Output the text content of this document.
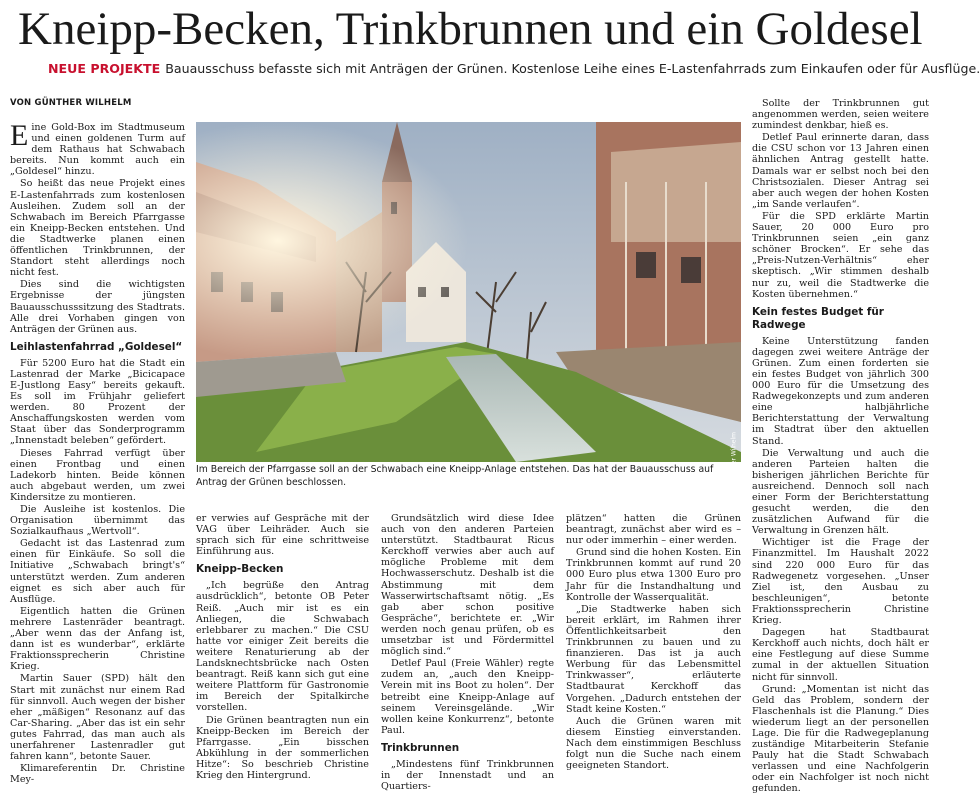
Kneipp-Becken, Trinkbrunnen und ein Goldesel
NEUE PROJEKTE Bauausschuss befasste sich mit Anträgen der Grünen. Kostenlose Leihe eines E-Lastenfahrrads zum Einkaufen oder für Ausflüge.
VON GÜNTHER WILHELM

Eine Gold-Box im Stadtmuseum und einen goldenen Turm auf dem Rathaus hat Schwabach bereits. Nun kommt auch ein „Goldesel“ hinzu.

So heißt das neue Projekt eines E-Lastenfahrrads zum kostenlosen Ausleihen. Zudem soll an der Schwabach im Bereich Pfarrgasse ein Kneipp-Becken entstehen. Und die Stadtwerke planen einen öffentlichen Trinkbrunnen, der Standort steht allerdings noch nicht fest.

Dies sind die wichtigsten Ergebnisse der jüngsten Bauausschusssitzung des Stadtrats. Alle drei Vorhaben gingen von Anträgen der Grünen aus.

Leihlastenfahrrad „Goldesel“

Für 5200 Euro hat die Stadt ein Lastenrad der Marke „Bicicapace E-Justlong Easy“ bereits gekauft. Es soll im Frühjahr geliefert werden. 80 Prozent der Anschaffungskosten werden vom Staat über das Sonderprogramm „Innenstadt beleben“ gefördert.

Dieses Fahrrad verfügt über einen Frontbag und einen Ladekorb hinten. Beide können auch abgebaut werden, um zwei Kindersitze zu montieren.

Die Ausleihe ist kostenlos. Die Organisation übernimmt das Sozialkaufhaus „Wertvoll“.

Gedacht ist das Lastenrad zum einen für Einkäufe. So soll die Initiative „Schwabach bringt's“ unterstützt werden. Zum anderen eignet es sich aber auch für Ausflüge.

Eigentlich hatten die Grünen mehrere Lastenräder beantragt. „Aber wenn das der Anfang ist, dann ist es wunderbar“, erklärte Fraktionssprecherin Christine Krieg.

Martin Sauer (SPD) hält den Start mit zunächst nur einem Rad für sinnvoll. Auch wegen der bisher eher „mäßigen“ Resonanz auf das Car-Sharing. „Aber das ist ein sehr gutes Fahrrad, das man auch als unerfahrener Lastenradler gut fahren kann“, betonte Sauer.

Klimareferentin Dr. Christine Mey-

Foto: Günther Wilhelm
Im Bereich der Pfarrgasse soll an der Schwabach eine Kneipp-Anlage entstehen. Das hat der Bauausschuss auf Antrag der Grünen beschlossen.

er verwies auf Gespräche mit der VAG über Leihräder. Auch sie sprach sich für eine schrittweise Einführung aus.

Kneipp-Becken

„Ich begrüße den Antrag ausdrücklich“, betonte OB Peter Reiß. „Auch mir ist es ein Anliegen, die Schwabach erlebbarer zu machen.“ Die CSU hatte vor einiger Zeit bereits die weitere Renaturierung ab der Landsknechtsbrücke nach Osten beantragt. Reiß kann sich gut eine weitere Plattform für Gastronomie im Bereich der Spitalkirche vorstellen.

Die Grünen beantragten nun ein Kneipp-Becken im Bereich der Pfarrgasse. „Ein bisschen Abkühlung in der sommerlichen Hitze“: So beschrieb Christine Krieg den Hintergrund.

Grundsätzlich wird diese Idee auch von den anderen Parteien unterstützt. Stadtbaurat Ricus Kerckhoff verwies aber auch auf mögliche Probleme mit dem Hochwasserschutz. Deshalb ist die Abstimmung mit dem Wasserwirtschaftsamt nötig. „Es gab aber schon positive Gespräche“, berichtete er. „Wir werden noch genau prüfen, ob es umsetzbar ist und Fördermittel möglich sind.“

Detlef Paul (Freie Wähler) regte zudem an, „auch den Kneipp-Verein mit ins Boot zu holen“. Der betreibt eine Kneipp-Anlage auf seinem Vereinsgelände. „Wir wollen keine Konkurrenz“, betonte Paul.

Trinkbrunnen

„Mindestens fünf Trinkbrunnen in der Innenstadt und an Quartiers-

plätzen“ hatten die Grünen beantragt, zunächst aber wird es – nur oder immerhin – einer werden.

Grund sind die hohen Kosten. Ein Trinkbrunnen kommt auf rund 20 000 Euro plus etwa 1300 Euro pro Jahr für die Instandhaltung und Kontrolle der Wasserqualität.

„Die Stadtwerke haben sich bereit erklärt, im Rahmen ihrer Öffentlichkeitsarbeit den Trinkbrunnen zu bauen und zu finanzieren. Das ist ja auch Werbung für das Lebensmittel Trinkwasser“, erläuterte Stadtbaurat Kerckhoff das Vorgehen. „Dadurch entstehen der Stadt keine Kosten.“

Auch die Grünen waren mit diesem Einstieg einverstanden. Nach dem einstimmigen Beschluss folgt nun die Suche nach einem geeigneten Standort.

Sollte der Trinkbrunnen gut angenommen werden, seien weitere zumindest denkbar, hieß es.

Detlef Paul erinnerte daran, dass die CSU schon vor 13 Jahren einen ähnlichen Antrag gestellt hatte. Damals war er selbst noch bei den Christsozialen. Dieser Antrag sei aber auch wegen der hohen Kosten „im Sande verlaufen“.

Für die SPD erklärte Martin Sauer, 20 000 Euro pro Trinkbrunnen seien „ein ganz schöner Brocken“. Er sehe das „Preis-Nutzen-Verhältnis“ eher skeptisch. „Wir stimmen deshalb nur zu, weil die Stadtwerke die Kosten übernehmen.“

Kein festes Budget für Radwege

Keine Unterstützung fanden dagegen zwei weitere Anträge der Grünen. Zum einen forderten sie ein festes Budget von jährlich 300 000 Euro für die Umsetzung des Radwegekonzepts und zum anderen eine halbjährliche Berichterstattung der Verwaltung im Stadtrat über den aktuellen Stand.

Die Verwaltung und auch die anderen Parteien halten die bisherigen jährlichen Berichte für ausreichend. Dennoch soll nach einer Form der Berichterstattung gesucht werden, die den zusätzlichen Aufwand für die Verwaltung in Grenzen hält.

Wichtiger ist die Frage der Finanzmittel. Im Haushalt 2022 sind 220 000 Euro für das Radwegenetz vorgesehen. „Unser Ziel ist, den Ausbau zu beschleunigen“, betonte Fraktionssprecherin Christine Krieg.

Dagegen hat Stadtbaurat Kerckhoff auch nichts, doch hält er eine Festlegung auf diese Summe zumal in der aktuellen Situation nicht für sinnvoll.

Grund: „Momentan ist nicht das Geld das Problem, sondern der Flaschenhals ist die Planung.“ Dies wiederum liegt an der personellen Lage. Die für die Radwegeplanung zuständige Mitarbeiterin Stefanie Pauly hat die Stadt Schwabach verlassen und eine Nachfolgerin oder ein Nachfolger ist noch nicht gefunden.
